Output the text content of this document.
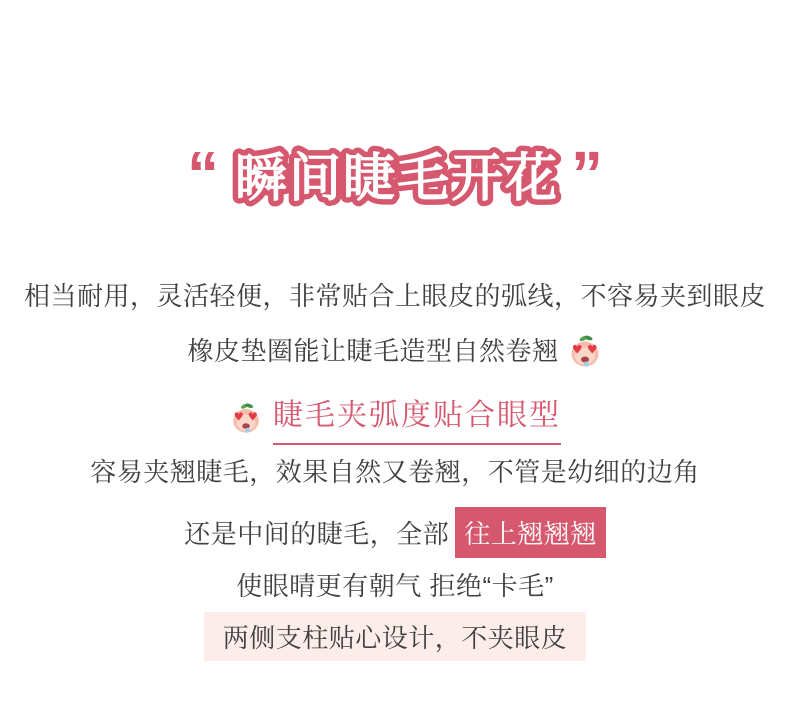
“ 瞬间睫毛开花 ”
相当耐用，灵活轻便，非常贴合上眼皮的弧线，不容易夹到眼皮
橡皮垫圈能让睫毛造型自然卷翘 ♥ ♥
♥ ♥ 睫毛夹弧度贴合眼型
容易夹翘睫毛，效果自然又卷翘，不管是幼细的边角
还是中间的睫毛，全部 往上翘翘翘
使眼晴更有朝气 拒绝“卡毛”
两侧支柱贴心设计，不夹眼皮
